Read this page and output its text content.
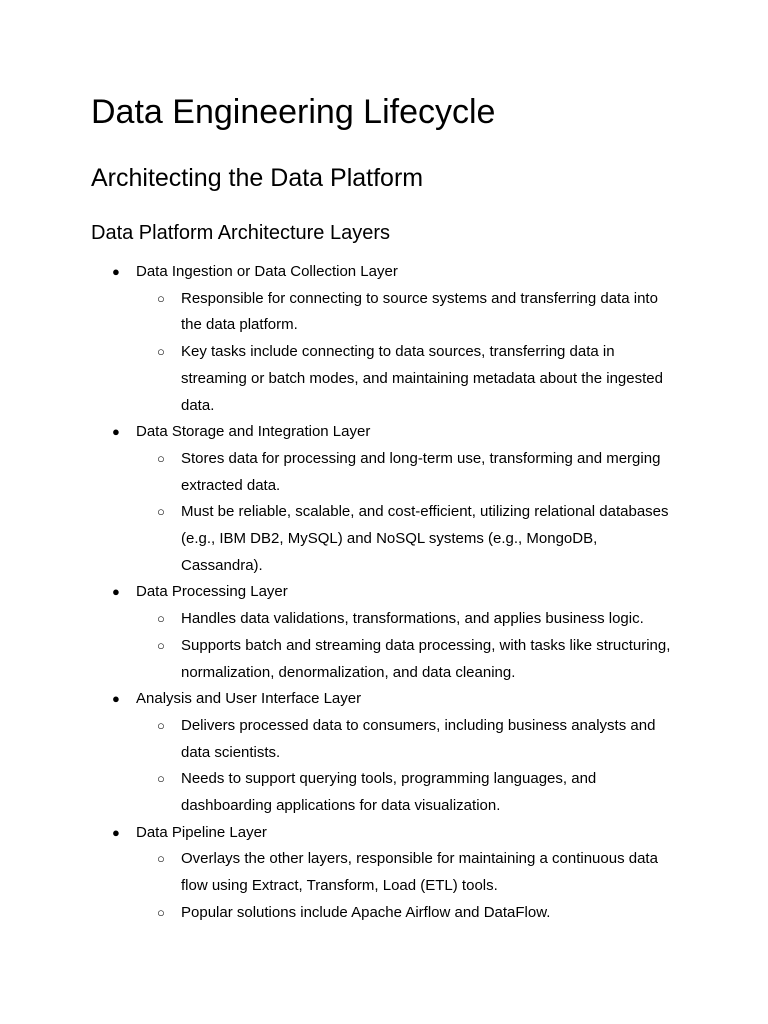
Data Engineering Lifecycle
Architecting the Data Platform
Data Platform Architecture Layers
● Data Ingestion or Data Collection Layer
○ Responsible for connecting to source systems and transferring data into the data platform.
○ Key tasks include connecting to data sources, transferring data in streaming or batch modes, and maintaining metadata about the ingested data.
● Data Storage and Integration Layer
○ Stores data for processing and long-term use, transforming and merging extracted data.
○ Must be reliable, scalable, and cost-efficient, utilizing relational databases (e.g., IBM DB2, MySQL) and NoSQL systems (e.g., MongoDB, Cassandra).
● Data Processing Layer
○ Handles data validations, transformations, and applies business logic.
○ Supports batch and streaming data processing, with tasks like structuring, normalization, denormalization, and data cleaning.
● Analysis and User Interface Layer
○ Delivers processed data to consumers, including business analysts and data scientists.
○ Needs to support querying tools, programming languages, and dashboarding applications for data visualization.
● Data Pipeline Layer
○ Overlays the other layers, responsible for maintaining a continuous data flow using Extract, Transform, Load (ETL) tools.
○ Popular solutions include Apache Airflow and DataFlow.
